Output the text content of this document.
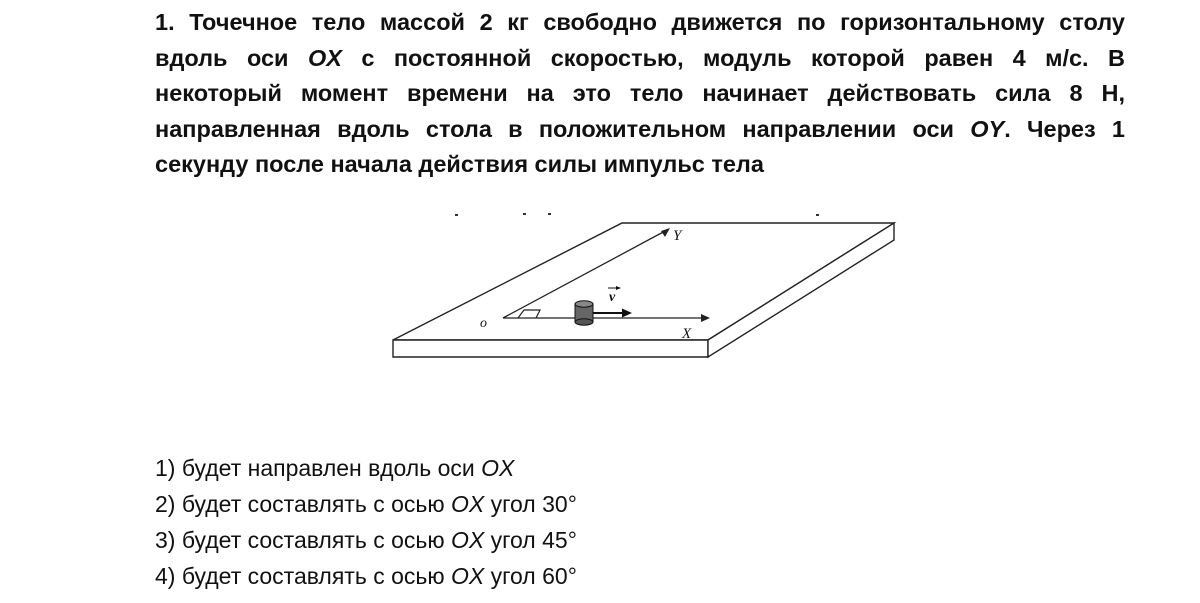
1. Точечное тело массой 2 кг свободно движется по горизонтальному столу
вдоль оси OX с постоянной скоростью, модуль которой равен 4 м/с. В
некоторый момент времени на это тело начинает действовать сила 8 Н,
направленная вдоль стола в положительном направлении оси OY. Через 1
секунду после начала действия силы импульс тела
Y
X
o
v
1) будет направлен вдоль оси OX
2) будет составлять с осью OX угол 30°
3) будет составлять с осью OX угол 45°
4) будет составлять с осью OX угол 60°
